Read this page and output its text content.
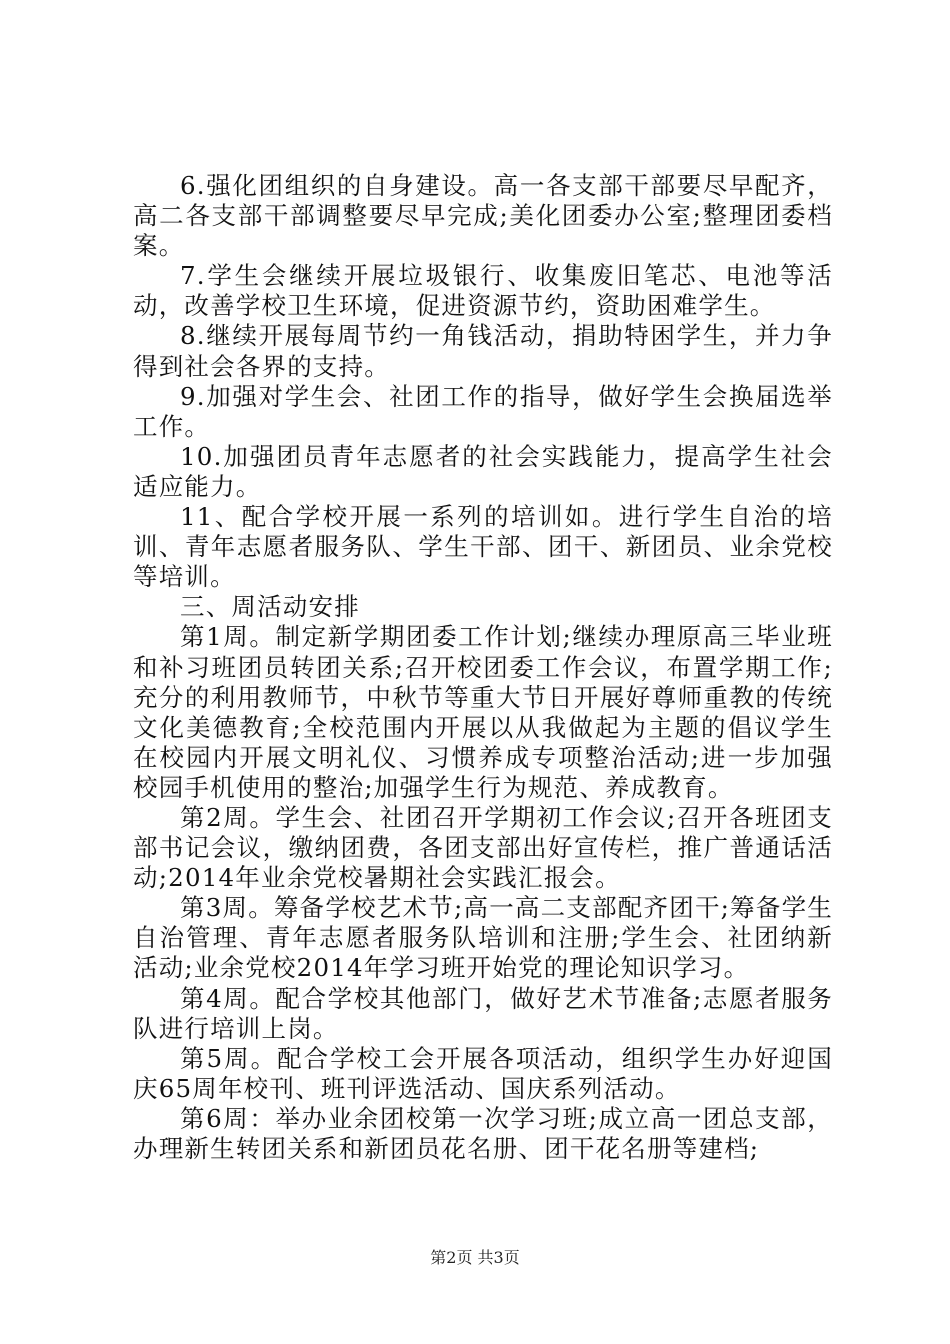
6.强化团组织的自身建设。高一各支部干部要尽早配齐，高二各支部干部调整要尽早完成;美化团委办公室;整理团委档案。

7.学生会继续开展垃圾银行、收集废旧笔芯、电池等活动，改善学校卫生环境，促进资源节约，资助困难学生。

8.继续开展每周节约一角钱活动，捐助特困学生，并力争得到社会各界的支持。

9.加强对学生会、社团工作的指导，做好学生会换届选举工作。

10.加强团员青年志愿者的社会实践能力，提高学生社会适应能力。

11、配合学校开展一系列的培训如。进行学生自治的培训、青年志愿者服务队、学生干部、团干、新团员、业余党校等培训。

三、周活动安排

第1周。制定新学期团委工作计划;继续办理原高三毕业班和补习班团员转团关系;召开校团委工作会议，布置学期工作;充分的利用教师节，中秋节等重大节日开展好尊师重教的传统文化美德教育;全校范围内开展以从我做起为主题的倡议学生在校园内开展文明礼仪、习惯养成专项整治活动;进一步加强校园手机使用的整治;加强学生行为规范、养成教育。

第2周。学生会、社团召开学期初工作会议;召开各班团支部书记会议，缴纳团费，各团支部出好宣传栏，推广普通话活动;2014年业余党校暑期社会实践汇报会。

第3周。筹备学校艺术节;高一高二支部配齐团干;筹备学生自治管理、青年志愿者服务队培训和注册;学生会、社团纳新活动;业余党校2014年学习班开始党的理论知识学习。

第4周。配合学校其他部门，做好艺术节准备;志愿者服务队进行培训上岗。

第5周。配合学校工会开展各项活动，组织学生办好迎国庆65周年校刊、班刊评选活动、国庆系列活动。

第6周：举办业余团校第一次学习班;成立高一团总支部，办理新生转团关系和新团员花名册、团干花名册等建档;

第2页 共3页
